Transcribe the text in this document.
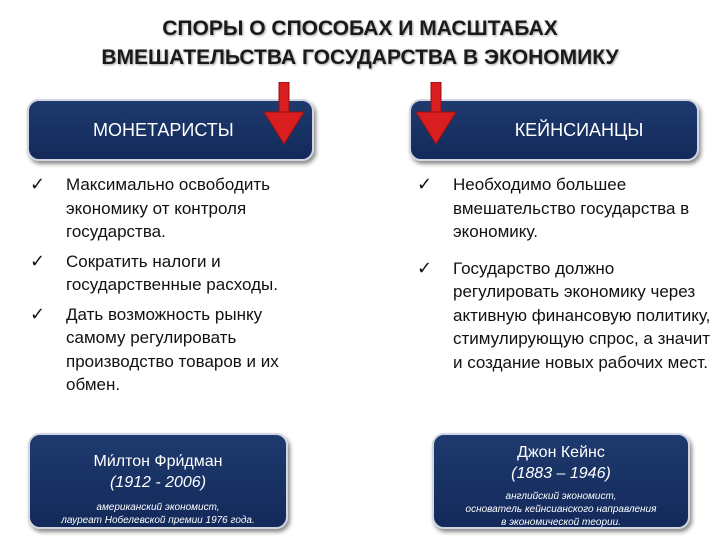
СПОРЫ О СПОСОБАХ И МАСШТАБАХ
ВМЕШАТЕЛЬСТВА ГОСУДАРСТВА В ЭКОНОМИКУ
МОНЕТАРИСТЫ	КЕЙНСИАНЦЫ
✓ Максимально освободить экономику от контроля государства.
✓ Сократить налоги и государственные расходы.
✓ Дать возможность рынку самому регулировать производство товаров и их обмен.
✓ Необходимо большее вмешательство государства в экономику.
✓ Государство должно регулировать экономику через активную финансовую политику, стимулирующую спрос, а значит и создание новых рабочих мест.
Ми́лтон Фри́дман
(1912 - 2006)
американский экономист,
лауреат Нобелевской премии 1976 года.
Джон Кейнс
(1883 – 1946)
английский экономист,
основатель кейнсианского направления
в экономической теории.
